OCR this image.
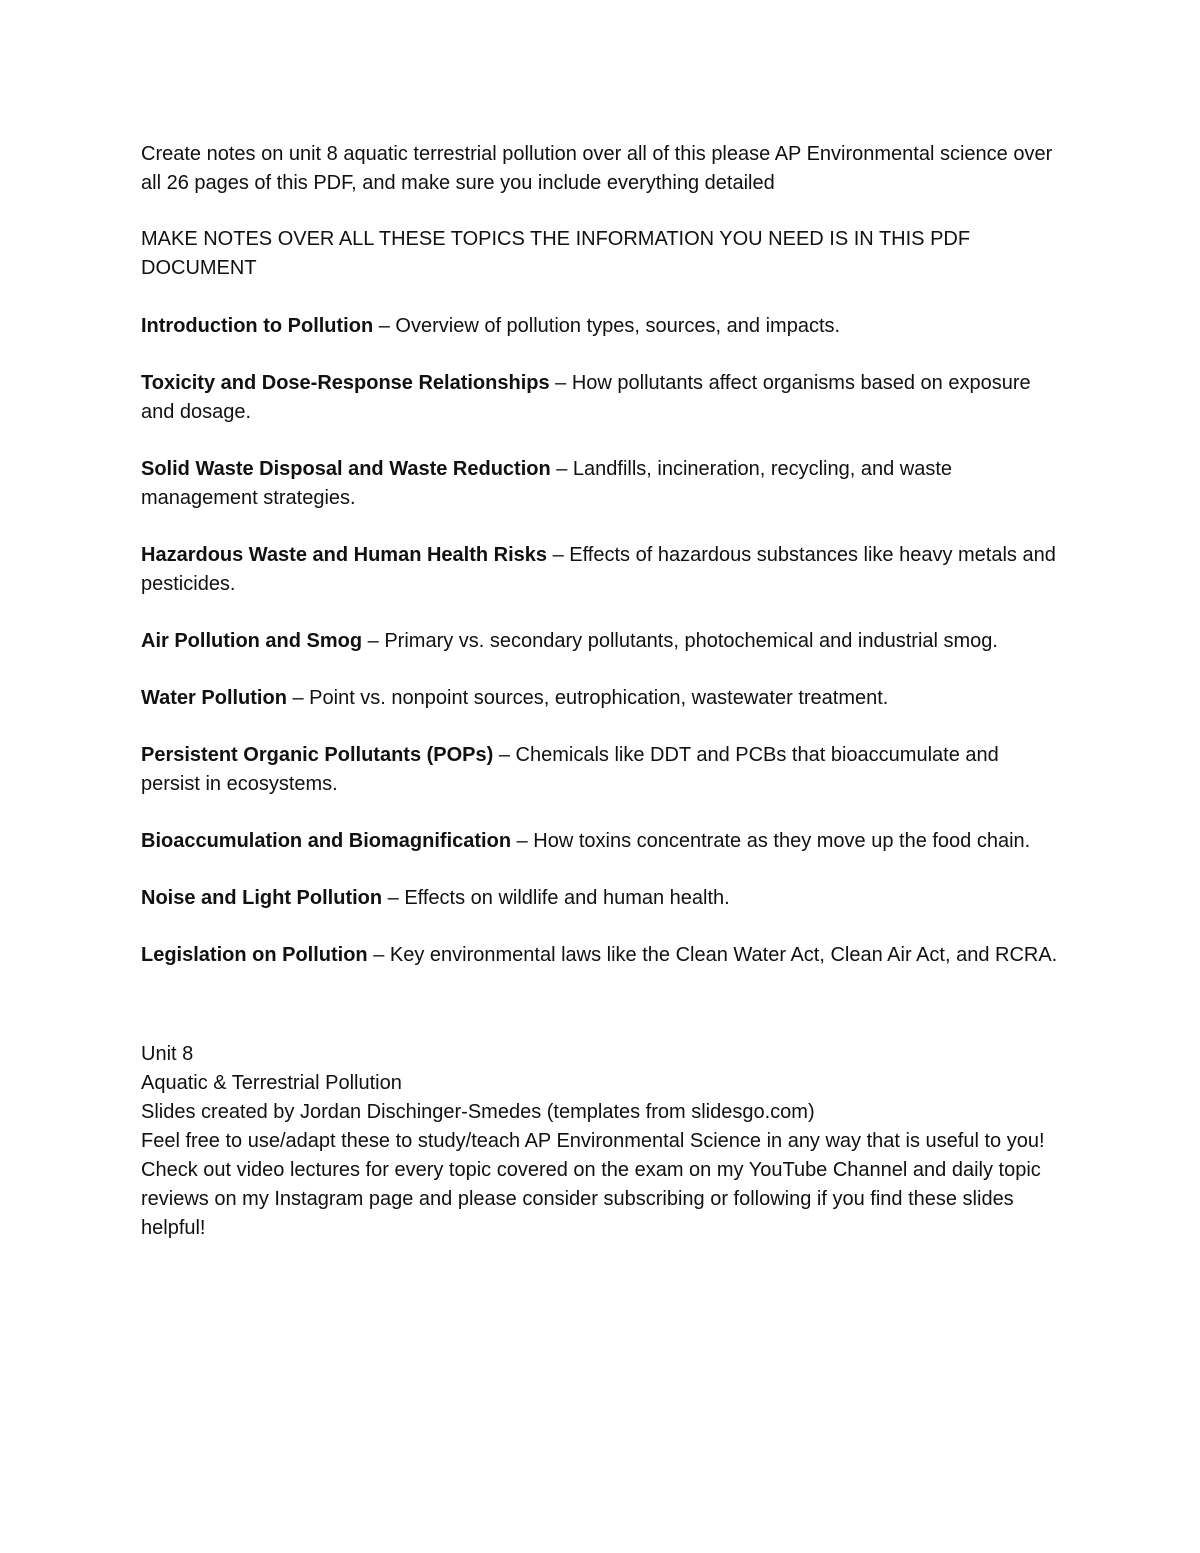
Create notes on unit 8 aquatic terrestrial pollution over all of this please AP Environmental science over all 26 pages of this PDF, and make sure you include everything detailed

MAKE NOTES OVER ALL THESE TOPICS THE INFORMATION YOU NEED IS IN THIS PDF DOCUMENT

Introduction to Pollution – Overview of pollution types, sources, and impacts.

Toxicity and Dose-Response Relationships – How pollutants affect organisms based on exposure and dosage.

Solid Waste Disposal and Waste Reduction – Landfills, incineration, recycling, and waste management strategies.

Hazardous Waste and Human Health Risks – Effects of hazardous substances like heavy metals and pesticides.

Air Pollution and Smog – Primary vs. secondary pollutants, photochemical and industrial smog.

Water Pollution – Point vs. nonpoint sources, eutrophication, wastewater treatment.

Persistent Organic Pollutants (POPs) – Chemicals like DDT and PCBs that bioaccumulate and persist in ecosystems.

Bioaccumulation and Biomagnification – How toxins concentrate as they move up the food chain.

Noise and Light Pollution – Effects on wildlife and human health.

Legislation on Pollution – Key environmental laws like the Clean Water Act, Clean Air Act, and RCRA.

Unit 8

Aquatic & Terrestrial Pollution

Slides created by Jordan Dischinger-Smedes (templates from slidesgo.com)

Feel free to use/adapt these to study/teach AP Environmental Science in any way that is useful to you!

Check out video lectures for every topic covered on the exam on my YouTube Channel and daily topic

reviews on my Instagram page and please consider subscribing or following if you find these slides helpful!
